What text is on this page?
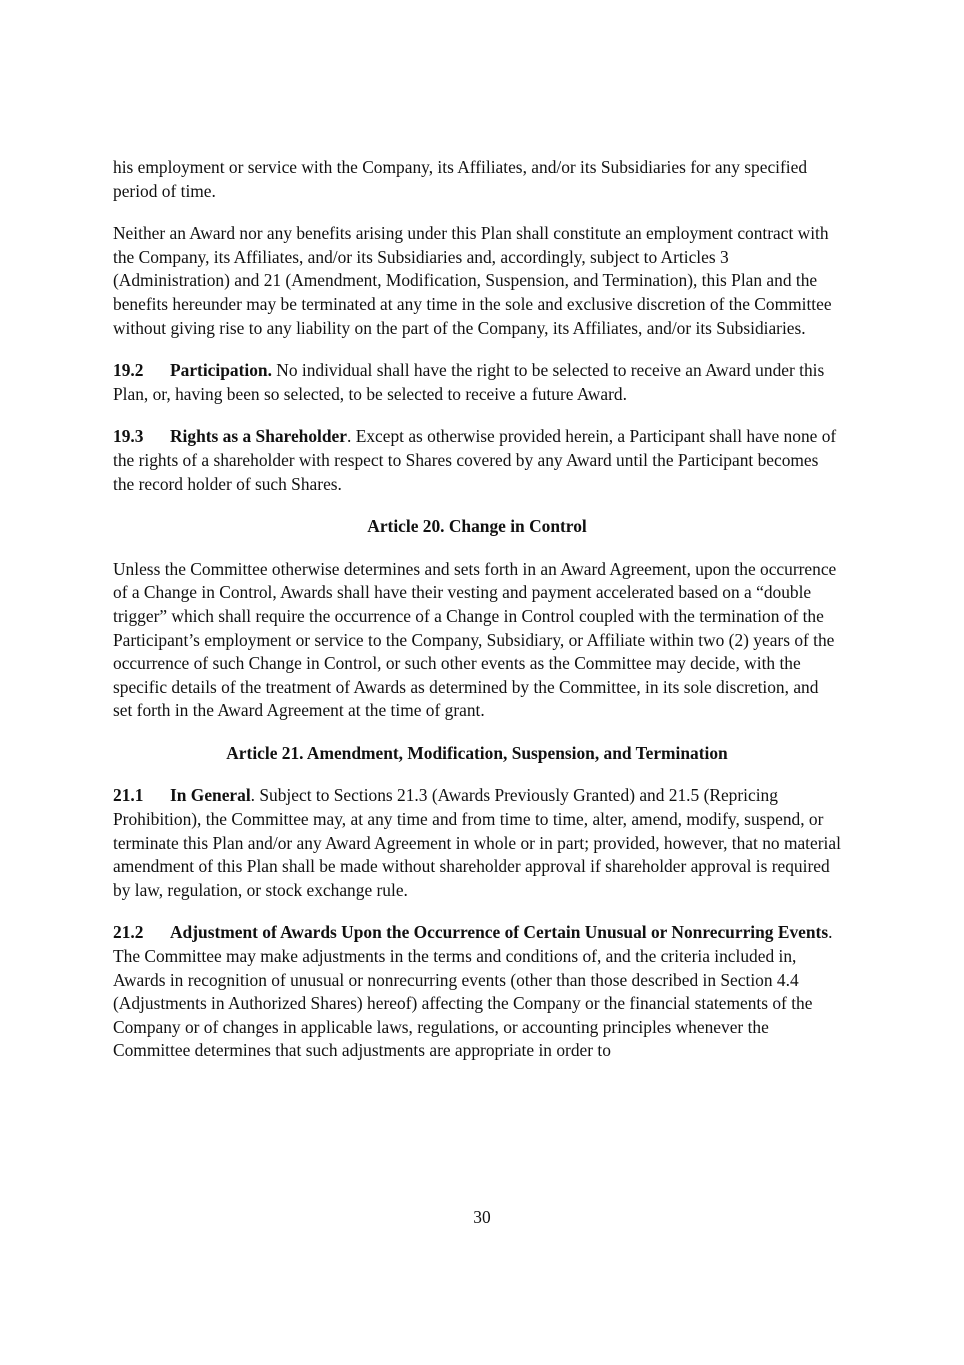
his employment or service with the Company, its Affiliates, and/or its Subsidiaries for any specified period of time.

Neither an Award nor any benefits arising under this Plan shall constitute an employment contract with the Company, its Affiliates, and/or its Subsidiaries and, accordingly, subject to Articles 3 (Administration) and 21 (Amendment, Modification, Suspension, and Termination), this Plan and the benefits hereunder may be terminated at any time in the sole and exclusive discretion of the Committee without giving rise to any liability on the part of the Company, its Affiliates, and/or its Subsidiaries.

19.2 Participation. No individual shall have the right to be selected to receive an Award under this Plan, or, having been so selected, to be selected to receive a future Award.

19.3 Rights as a Shareholder. Except as otherwise provided herein, a Participant shall have none of the rights of a shareholder with respect to Shares covered by any Award until the Participant becomes the record holder of such Shares.

Article 20. Change in Control

Unless the Committee otherwise determines and sets forth in an Award Agreement, upon the occurrence of a Change in Control, Awards shall have their vesting and payment accelerated based on a “double trigger” which shall require the occurrence of a Change in Control coupled with the termination of the Participant’s employment or service to the Company, Subsidiary, or Affiliate within two (2) years of the occurrence of such Change in Control, or such other events as the Committee may decide, with the specific details of the treatment of Awards as determined by the Committee, in its sole discretion, and set forth in the Award Agreement at the time of grant.

Article 21. Amendment, Modification, Suspension, and Termination

21.1 In General. Subject to Sections 21.3 (Awards Previously Granted) and 21.5 (Repricing Prohibition), the Committee may, at any time and from time to time, alter, amend, modify, suspend, or terminate this Plan and/or any Award Agreement in whole or in part; provided, however, that no material amendment of this Plan shall be made without shareholder approval if shareholder approval is required by law, regulation, or stock exchange rule.

21.2 Adjustment of Awards Upon the Occurrence of Certain Unusual or Nonrecurring Events. The Committee may make adjustments in the terms and conditions of, and the criteria included in, Awards in recognition of unusual or nonrecurring events (other than those described in Section 4.4 (Adjustments in Authorized Shares) hereof) affecting the Company or the financial statements of the Company or of changes in applicable laws, regulations, or accounting principles whenever the Committee determines that such adjustments are appropriate in order to

30
